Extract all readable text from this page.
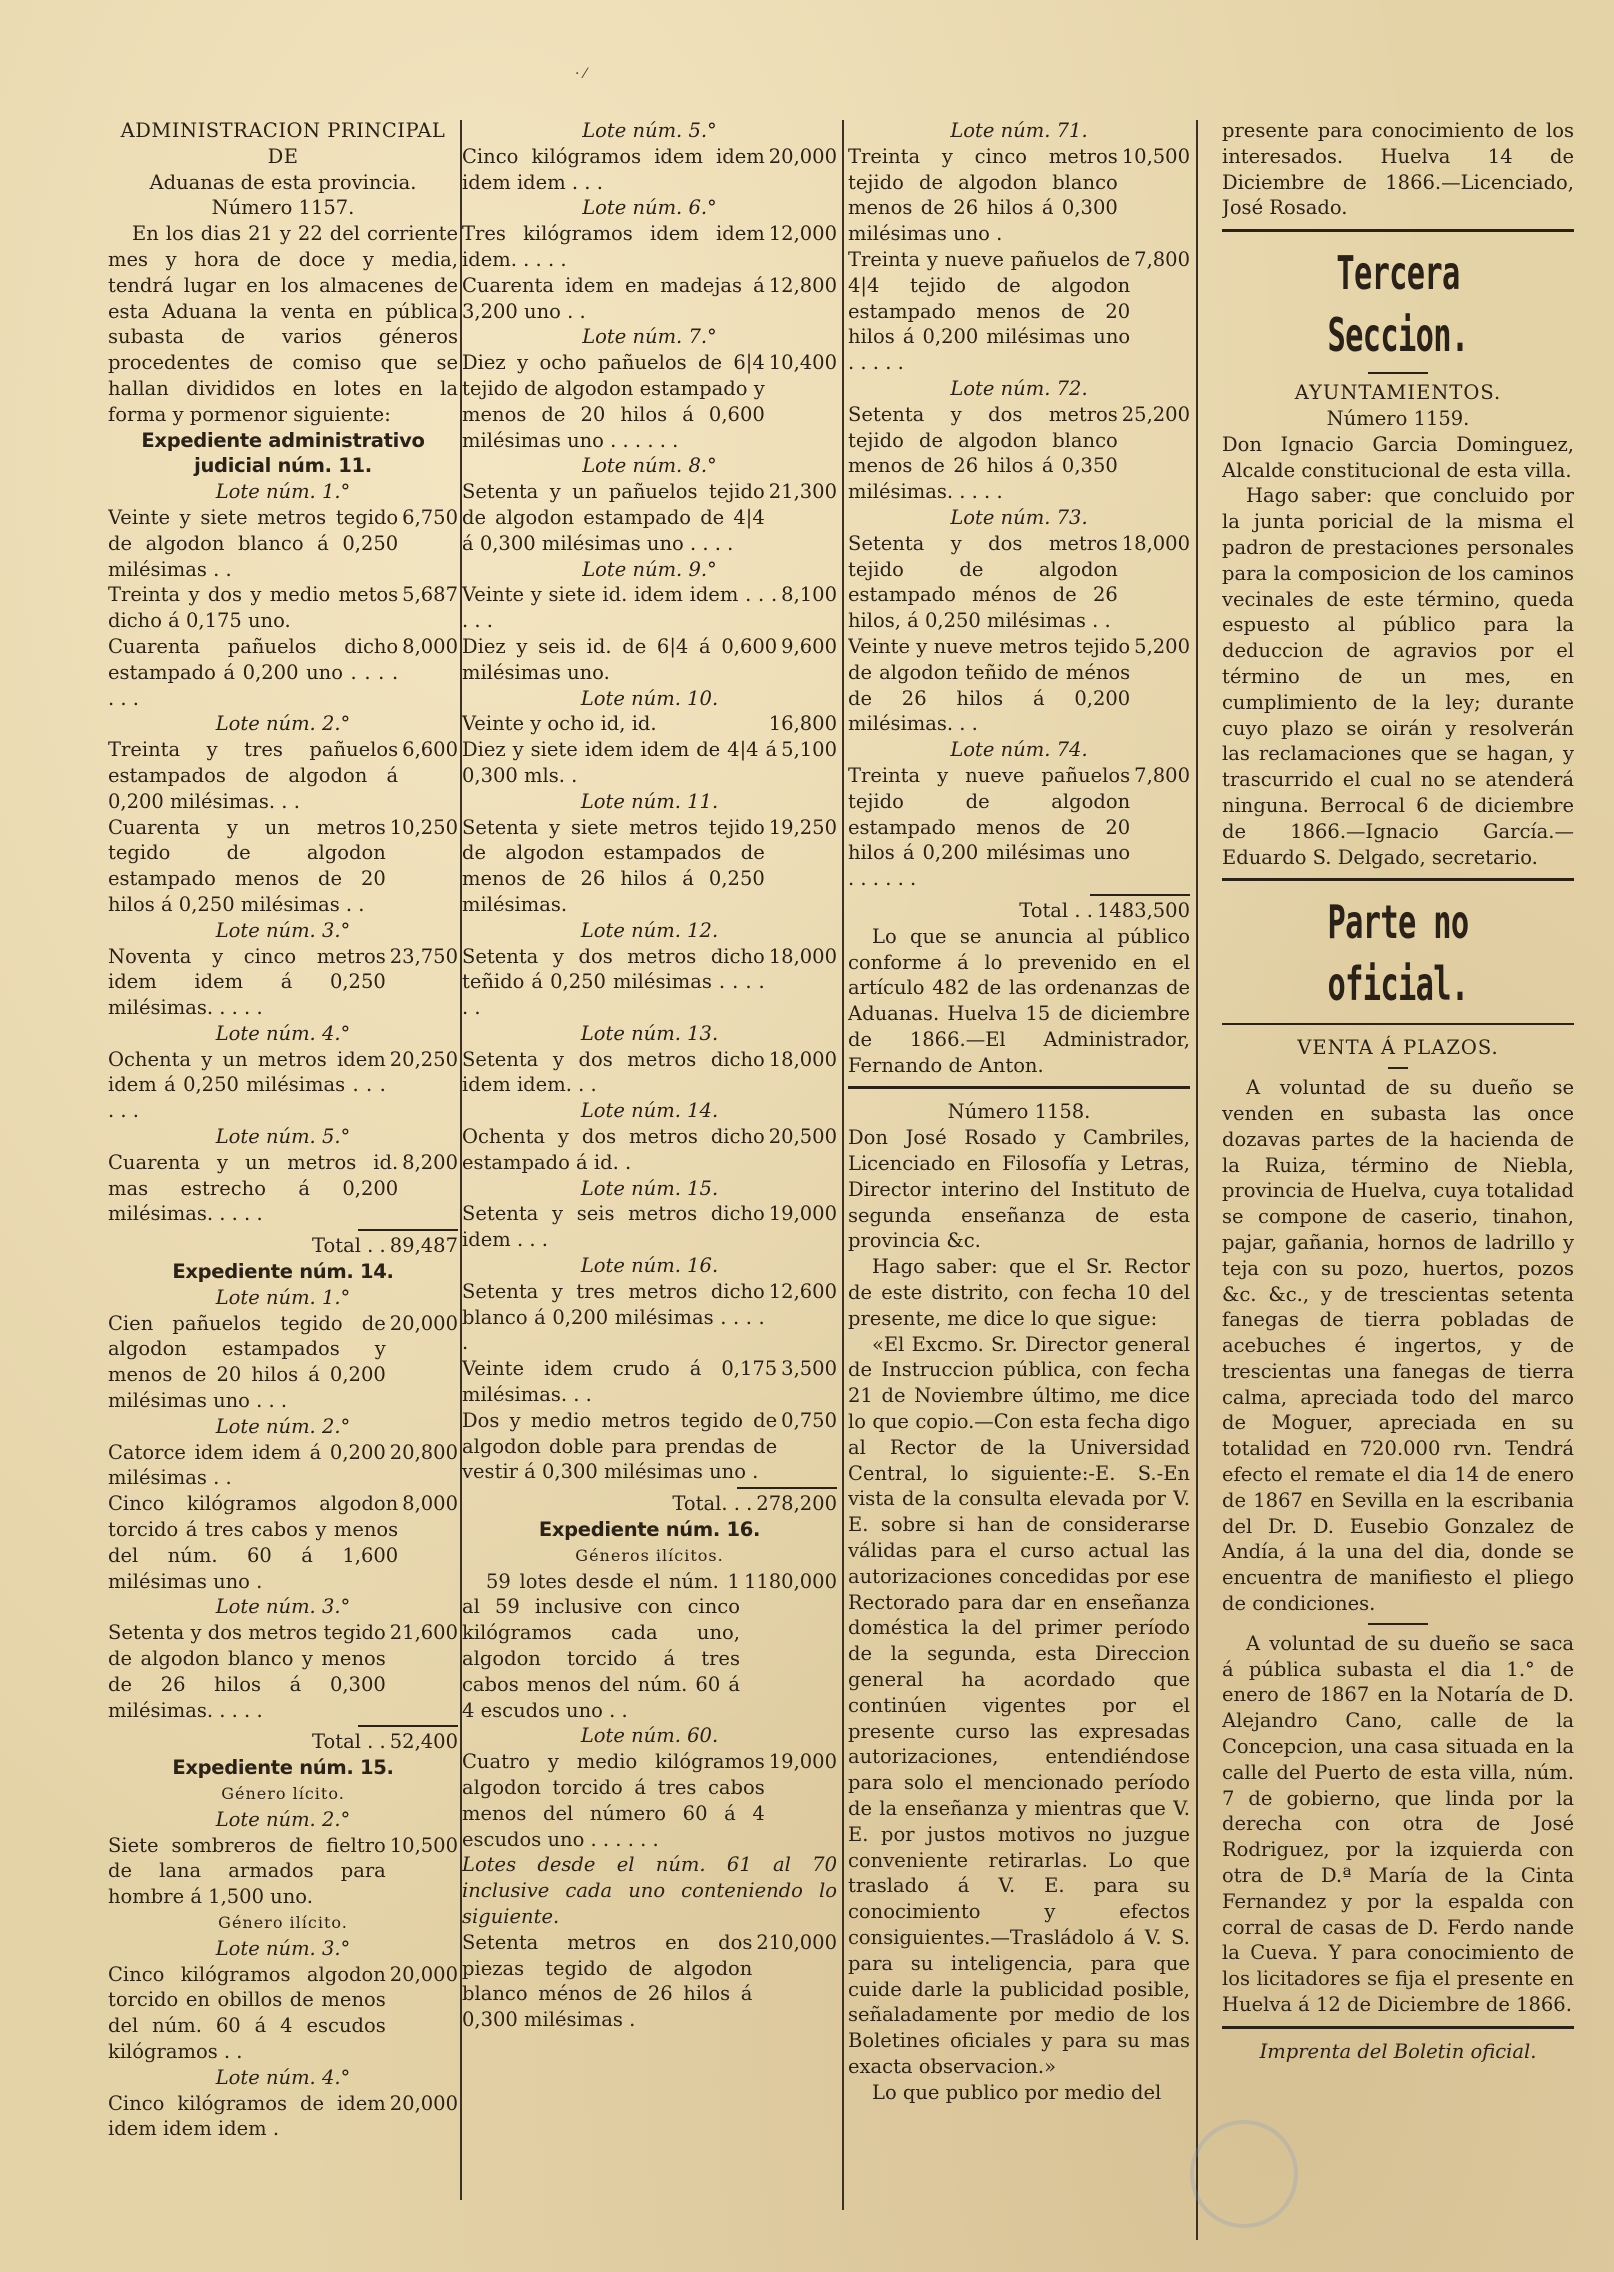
· ⁄

ADMINISTRACION PRINCIPAL DE

Aduanas de esta provincia.

Número 1157.

En los dias 21 y 22 del corriente mes y hora de doce y media, tendrá lugar en los almacenes de esta Aduana la venta en pública subasta de varios géneros procedentes de comiso que se hallan divididos en lotes en la forma y pormenor siguiente:

Expediente administrativo judicial núm. 11.

Lote núm. 1.°

Veinte y siete metros tegido de algodon blanco á 0,250 milésimas . .
6,750
Treinta y dos y medio metos dicho á 0,175 uno.
5,687
Cuarenta pañuelos dicho estampado á 0,200 uno . . . . . . .
8,000

Lote núm. 2.°

Treinta y tres pañuelos estampados de algodon á 0,200 milésimas. . .
6,600
Cuarenta y un metros tegido de algodon estampado menos de 20 hilos á 0,250 milésimas . .
10,250

Lote núm. 3.°

Noventa y cinco metros idem idem á 0,250 milésimas. . . . .
23,750

Lote núm. 4.°

Ochenta y un metros idem idem á 0,250 milésimas . . . . . .
20,250

Lote núm. 5.°

Cuarenta y un metros id. mas estrecho á 0,200 milésimas. . . . .
8,200
Total . . 89,487

Expediente núm. 14.

Lote núm. 1.°

Cien pañuelos tegido de algodon estampados y menos de 20 hilos á 0,200 milésimas uno . . .
20,000

Lote núm. 2.°

Catorce idem idem á 0,200 milésimas . .
20,800
Cinco kilógramos algodon torcido á tres cabos y menos del núm. 60 á 1,600 milésimas uno .
8,000

Lote núm. 3.°

Setenta y dos metros tegido de algodon blanco y menos de 26 hilos á 0,300 milésimas. . . . .
21,600
Total . . 52,400

Expediente núm. 15.

Género lícito.

Lote núm. 2.°

Siete sombreros de fieltro de lana armados para hombre á 1,500 uno.
10,500

Género ilícito.

Lote núm. 3.°

Cinco kilógramos algodon torcido en obillos de menos del núm. 60 á 4 escudos kilógramos . .
20,000

Lote núm. 4.°

Cinco kilógramos de idem idem idem idem .
20,000

Lote núm. 5.°

Cinco kilógramos idem idem idem idem . . .
20,000

Lote núm. 6.°

Tres kilógramos idem idem idem. . . . .
12,000
Cuarenta idem en madejas á 3,200 uno . .
12,800

Lote núm. 7.°

Diez y ocho pañuelos de 6|4 tejido de algodon estampado y menos de 20 hilos á 0,600 milésimas uno . . . . . .
10,400

Lote núm. 8.°

Setenta y un pañuelos tejido de algodon estampado de 4|4 á 0,300 milésimas uno . . . .
21,300

Lote núm. 9.°

Veinte y siete id. idem idem . . . . . .
8,100
Diez y seis id. de 6|4 á 0,600 milésimas uno.
9,600

Lote núm. 10.

Veinte y ocho id, id.	16,800
Diez y siete idem idem de 4|4 á 0,300 mls. .
5,100

Lote núm. 11.

Setenta y siete metros tejido de algodon estampados de menos de 26 hilos á 0,250 milésimas.
19,250

Lote núm. 12.

Setenta y dos metros dicho teñido á 0,250 milésimas . . . . . .
18,000

Lote núm. 13.

Setenta y dos metros dicho idem idem. . .
18,000

Lote núm. 14.

Ochenta y dos metros dicho estampado á id. .
20,500

Lote núm. 15.

Setenta y seis metros dicho idem . . .
19,000

Lote núm. 16.

Setenta y tres metros dicho blanco á 0,200 milésimas . . . . .
12,600
Veinte idem crudo á 0,175 milésimas. . .
3,500
Dos y medio metros tegido de algodon doble para prendas de vestir á 0,300 milésimas uno .
0,750
Total. . . 278,200

Expediente núm. 16.

Géneros ilícitos.

59 lotes desde el núm. 1 al 59 inclusive con cinco kilógramos cada uno, algodon torcido á tres cabos menos del núm. 60 á 4 escudos uno . .
1180,000

Lote núm. 60.

Cuatro y medio kilógramos algodon torcido á tres cabos menos del número 60 á 4 escudos uno . . . . . .
19,000

Lotes desde el núm. 61 al 70 inclusive cada uno conteniendo lo siguiente.

Setenta metros en dos piezas tegido de algodon blanco ménos de 26 hilos á 0,300 milésimas .
210,000

Lote núm. 71.

Treinta y cinco metros tejido de algodon blanco menos de 26 hilos á 0,300 milésimas uno .
10,500
Treinta y nueve pañuelos de 4|4 tejido de algodon estampado menos de 20 hilos á 0,200 milésimas uno . . . . .
7,800

Lote núm. 72.

Setenta y dos metros tejido de algodon blanco menos de 26 hilos á 0,350 milésimas. . . . .
25,200

Lote núm. 73.

Setenta y dos metros tejido de algodon estampado ménos de 26 hilos, á 0,250 milésimas . .
18,000
Veinte y nueve metros tejido de algodon teñido de ménos de 26 hilos á 0,200 milésimas. . .
5,200

Lote núm. 74.

Treinta y nueve pañuelos tejido de algodon estampado menos de 20 hilos á 0,200 milésimas uno . . . . . .
7,800
Total . . 1483,500

Lo que se anuncia al público conforme á lo prevenido en el artículo 482 de las ordenanzas de Aduanas. Huelva 15 de diciembre de 1866.—El Administrador, Fernando de Anton.

Número 1158.

Don José Rosado y Cambriles, Licenciado en Filosofía y Letras, Director interino del Instituto de segunda enseñanza de esta provincia &c.

Hago saber: que el Sr. Rector de este distrito, con fecha 10 del presente, me dice lo que sigue:

«El Excmo. Sr. Director general de Instruccion pública, con fecha 21 de Noviembre último, me dice lo que copio.—Con esta fecha digo al Rector de la Universidad Central, lo siguiente:-E. S.-En vista de la consulta elevada por V. E. sobre si han de considerarse válidas para el curso actual las autorizaciones concedidas por ese Rectorado para dar en enseñanza doméstica la del primer período de la segunda, esta Direccion general ha acordado que continúen vigentes por el presente curso las expresadas autorizaciones, entendiéndose para solo el mencionado período de la enseñanza y mientras que V. E. por justos motivos no juzgue conveniente retirarlas. Lo que traslado á V. E. para su conocimiento y efectos consiguientes.—Trasládolo á V. S. para su inteligencia, para que cuide darle la publicidad posible, señaladamente por medio de los Boletines oficiales y para su mas exacta observacion.»

Lo que publico por medio del

presente para conocimiento de los interesados. Huelva 14 de Diciembre de 1866.—Licenciado, José Rosado.

Tercera Seccion.

AYUNTAMIENTOS.

Número 1159.

Don Ignacio Garcia Dominguez, Alcalde constitucional de esta villa.

Hago saber: que concluido por la junta poricial de la misma el padron de prestaciones personales para la composicion de los caminos vecinales de este término, queda espuesto al público para la deduccion de agravios por el término de un mes, en cumplimiento de la ley; durante cuyo plazo se oirán y resolverán las reclamaciones que se hagan, y trascurrido el cual no se atenderá ninguna. Berrocal 6 de diciembre de 1866.—Ignacio García.—Eduardo S. Delgado, secretario.

Parte no oficial.

VENTA Á PLAZOS.

A voluntad de su dueño se venden en subasta las once dozavas partes de la hacienda de la Ruiza, término de Niebla, provincia de Huelva, cuya totalidad se compone de caserio, tinahon, pajar, gañania, hornos de ladrillo y teja con su pozo, huertos, pozos &c. &c., y de trescientas setenta fanegas de tierra pobladas de acebuches é ingertos, y de trescientas una fanegas de tierra calma, apreciada todo del marco de Moguer, apreciada en su totalidad en 720.000 rvn. Tendrá efecto el remate el dia 14 de enero de 1867 en Sevilla en la escribania del Dr. D. Eusebio Gonzalez de Andía, á la una del dia, donde se encuentra de manifiesto el pliego de condiciones.

A voluntad de su dueño se saca á pública subasta el dia 1.° de enero de 1867 en la Notaría de D. Alejandro Cano, calle de la Concepcion, una casa situada en la calle del Puerto de esta villa, núm. 7 de gobierno, que linda por la derecha con otra de José Rodriguez, por la izquierda con otra de D.ª María de la Cinta Fernandez y por la espalda con corral de casas de D. Ferdo nande la Cueva. Y para conocimiento de los licitadores se fija el presente en Huelva á 12 de Diciembre de 1866.

Imprenta del Boletin oficial.
